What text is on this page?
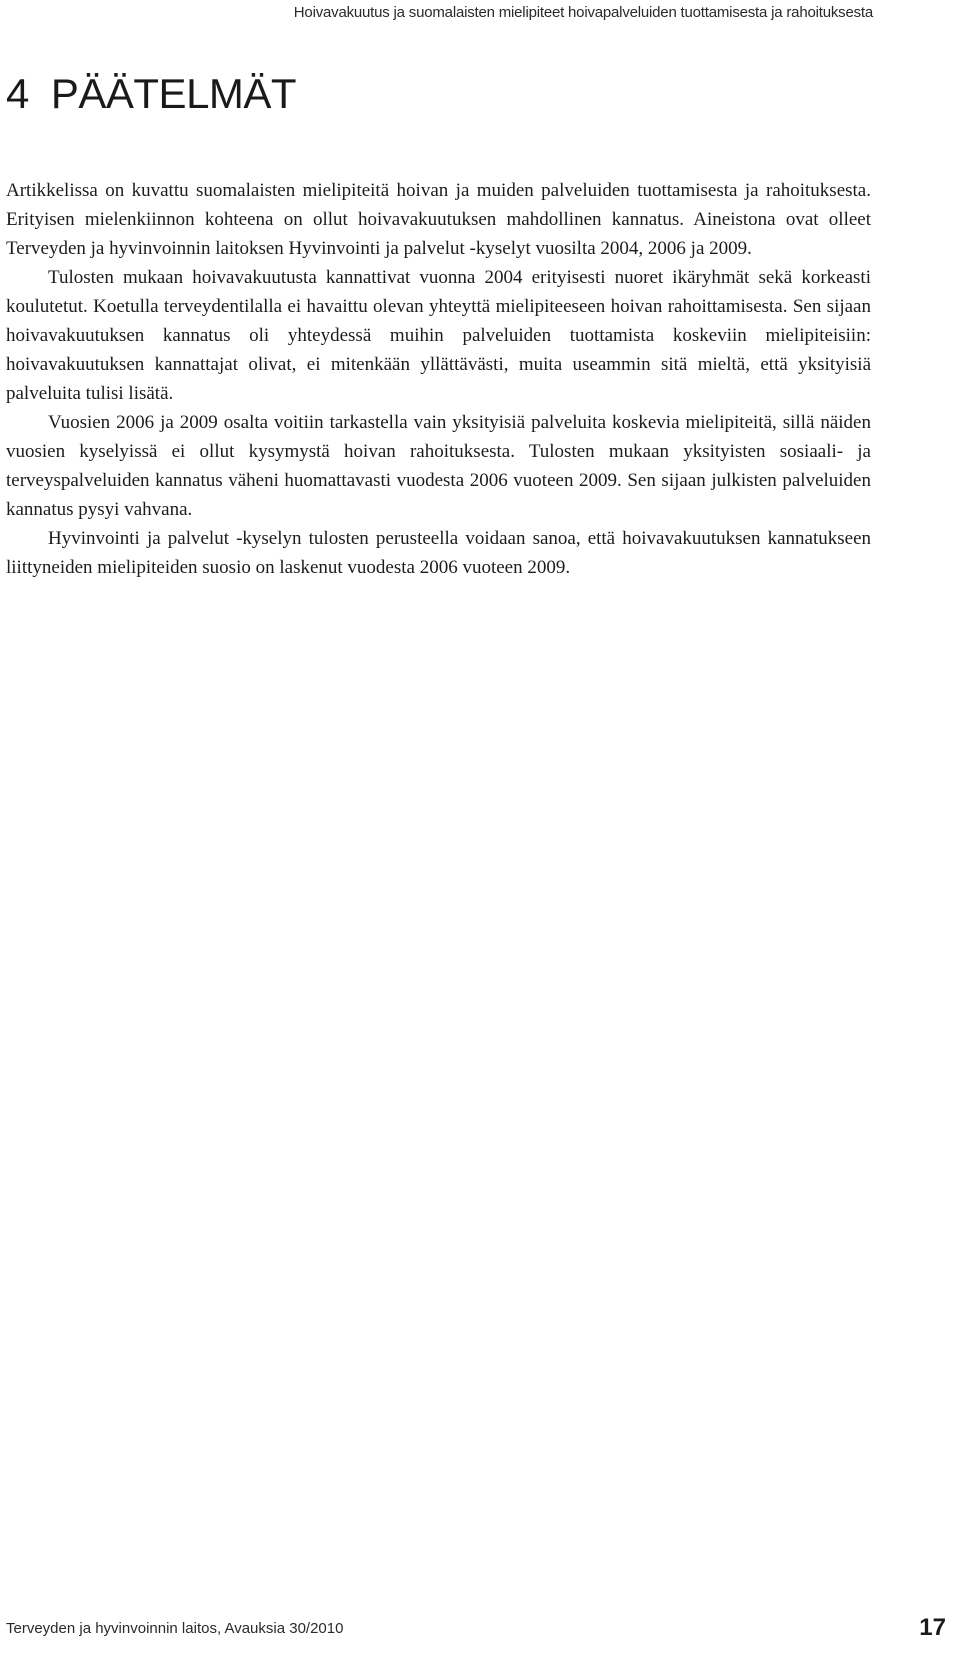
Hoivavakuutus ja suomalaisten mielipiteet hoivapalveluiden tuottamisesta ja rahoituksesta
4 PÄÄTELMÄT

Artikkelissa on kuvattu suomalaisten mielipiteitä hoivan ja muiden palveluiden tuottamisesta ja rahoituksesta. Erityisen mielenkiinnon kohteena on ollut hoivavakuutuksen mahdollinen kannatus. Aineistona ovat olleet Terveyden ja hyvinvoinnin laitoksen Hyvinvointi ja palvelut -kyselyt vuosilta 2004, 2006 ja 2009.

Tulosten mukaan hoivavakuutusta kannattivat vuonna 2004 erityisesti nuoret ikäryhmät sekä korkeasti koulutetut. Koetulla terveydentilalla ei havaittu olevan yhteyttä mielipiteeseen hoivan rahoittamisesta. Sen sijaan hoivavakuutuksen kannatus oli yhteydessä muihin palveluiden tuottamista koskeviin mielipiteisiin: hoivavakuutuksen kannattajat olivat, ei mitenkään yllättävästi, muita useammin sitä mieltä, että yksityisiä palveluita tulisi lisätä.

Vuosien 2006 ja 2009 osalta voitiin tarkastella vain yksityisiä palveluita koskevia mielipiteitä, sillä näiden vuosien kyselyissä ei ollut kysymystä hoivan rahoituksesta. Tulosten mukaan yksityisten sosiaali- ja terveyspalveluiden kannatus väheni huomattavasti vuodesta 2006 vuoteen 2009. Sen sijaan julkisten palveluiden kannatus pysyi vahvana.

Hyvinvointi ja palvelut -kyselyn tulosten perusteella voidaan sanoa, että hoivavakuutuksen kannatukseen liittyneiden mielipiteiden suosio on laskenut vuodesta 2006 vuoteen 2009.

Terveyden ja hyvinvoinnin laitos, Avauksia 30/2010	17
